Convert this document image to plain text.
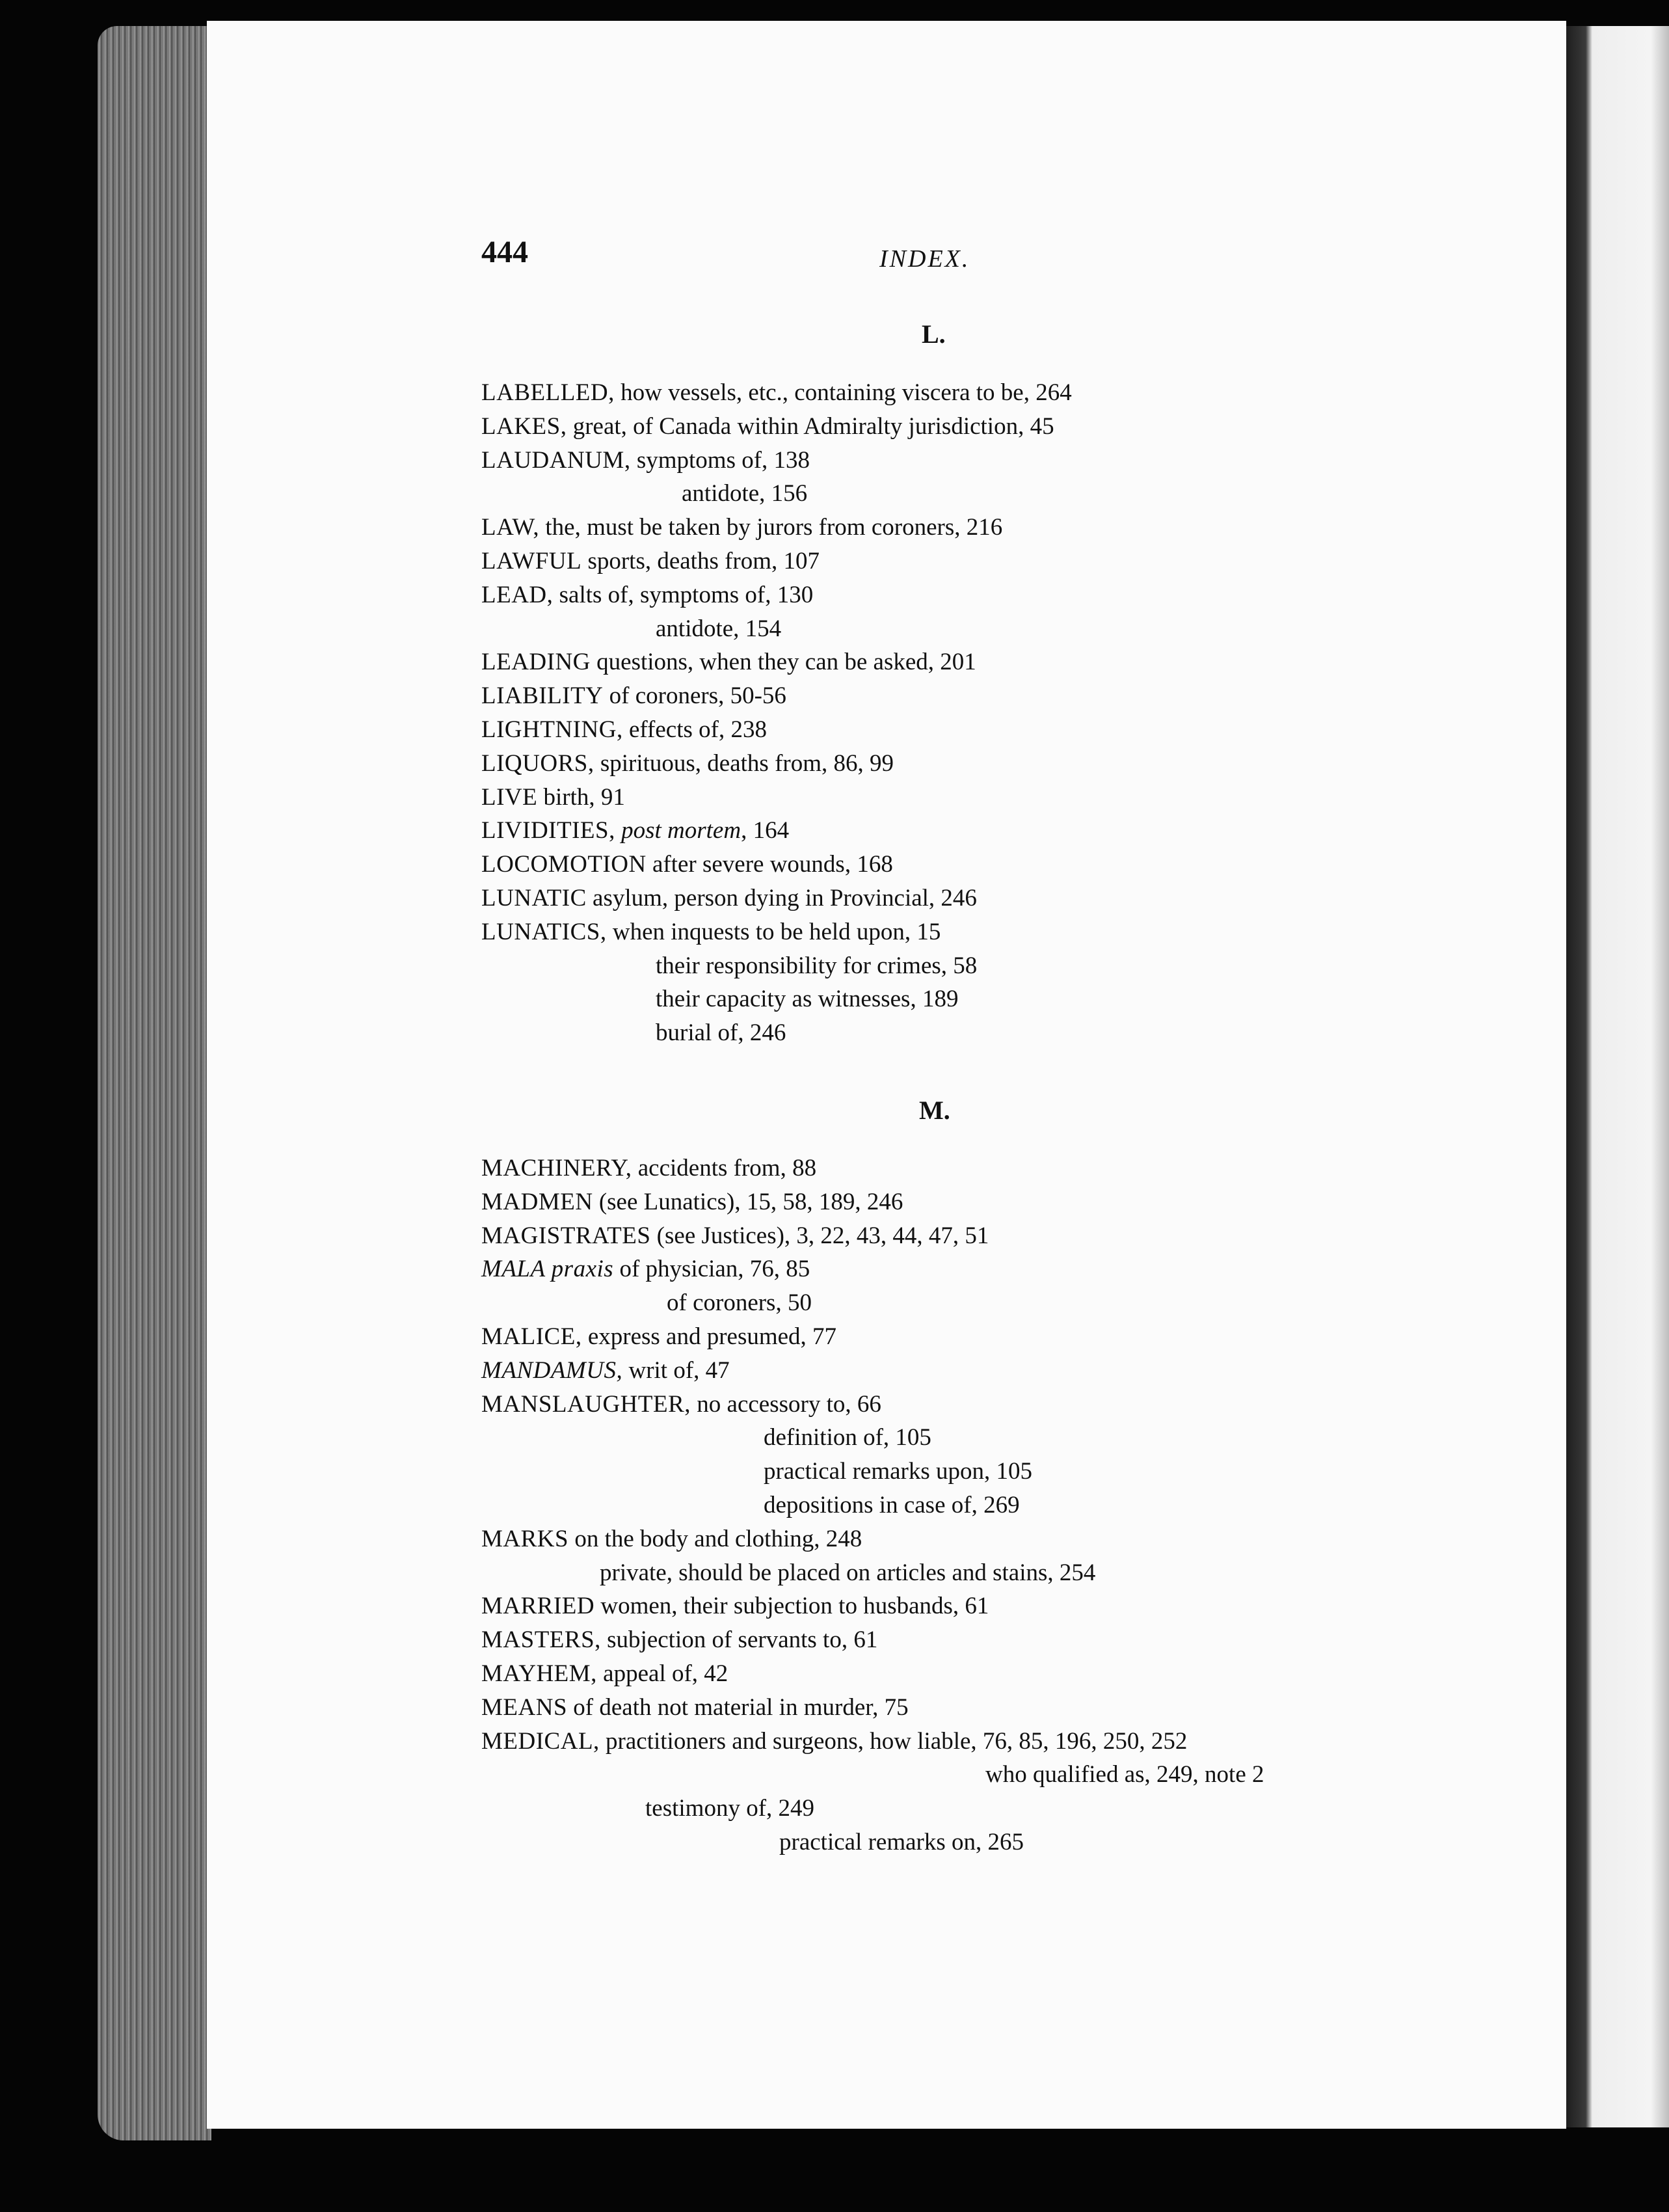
444	INDEX.
L.
LABELLED, how vessels, etc., containing viscera to be, 264
LAKES, great, of Canada within Admiralty jurisdiction, 45
LAUDANUM, symptoms of, 138
antidote, 156
LAW, the, must be taken by jurors from coroners, 216
LAWFUL sports, deaths from, 107
LEAD, salts of, symptoms of, 130
antidote, 154
LEADING questions, when they can be asked, 201
LIABILITY of coroners, 50-56
LIGHTNING, effects of, 238
LIQUORS, spirituous, deaths from, 86, 99
LIVE birth, 91
LIVIDITIES, post mortem, 164
LOCOMOTION after severe wounds, 168
LUNATIC asylum, person dying in Provincial, 246
LUNATICS, when inquests to be held upon, 15
their responsibility for crimes, 58
their capacity as witnesses, 189
burial of, 246
M.
MACHINERY, accidents from, 88
MADMEN (see Lunatics), 15, 58, 189, 246
MAGISTRATES (see Justices), 3, 22, 43, 44, 47, 51
MALA praxis of physician, 76, 85
of coroners, 50
MALICE, express and presumed, 77
MANDAMUS, writ of, 47
MANSLAUGHTER, no accessory to, 66
definition of, 105
practical remarks upon, 105
depositions in case of, 269
MARKS on the body and clothing, 248
private, should be placed on articles and stains, 254
MARRIED women, their subjection to husbands, 61
MASTERS, subjection of servants to, 61
MAYHEM, appeal of, 42
MEANS of death not material in murder, 75
MEDICAL, practitioners and surgeons, how liable, 76, 85, 196, 250, 252
who qualified as, 249, note 2
testimony of, 249
practical remarks on, 265
